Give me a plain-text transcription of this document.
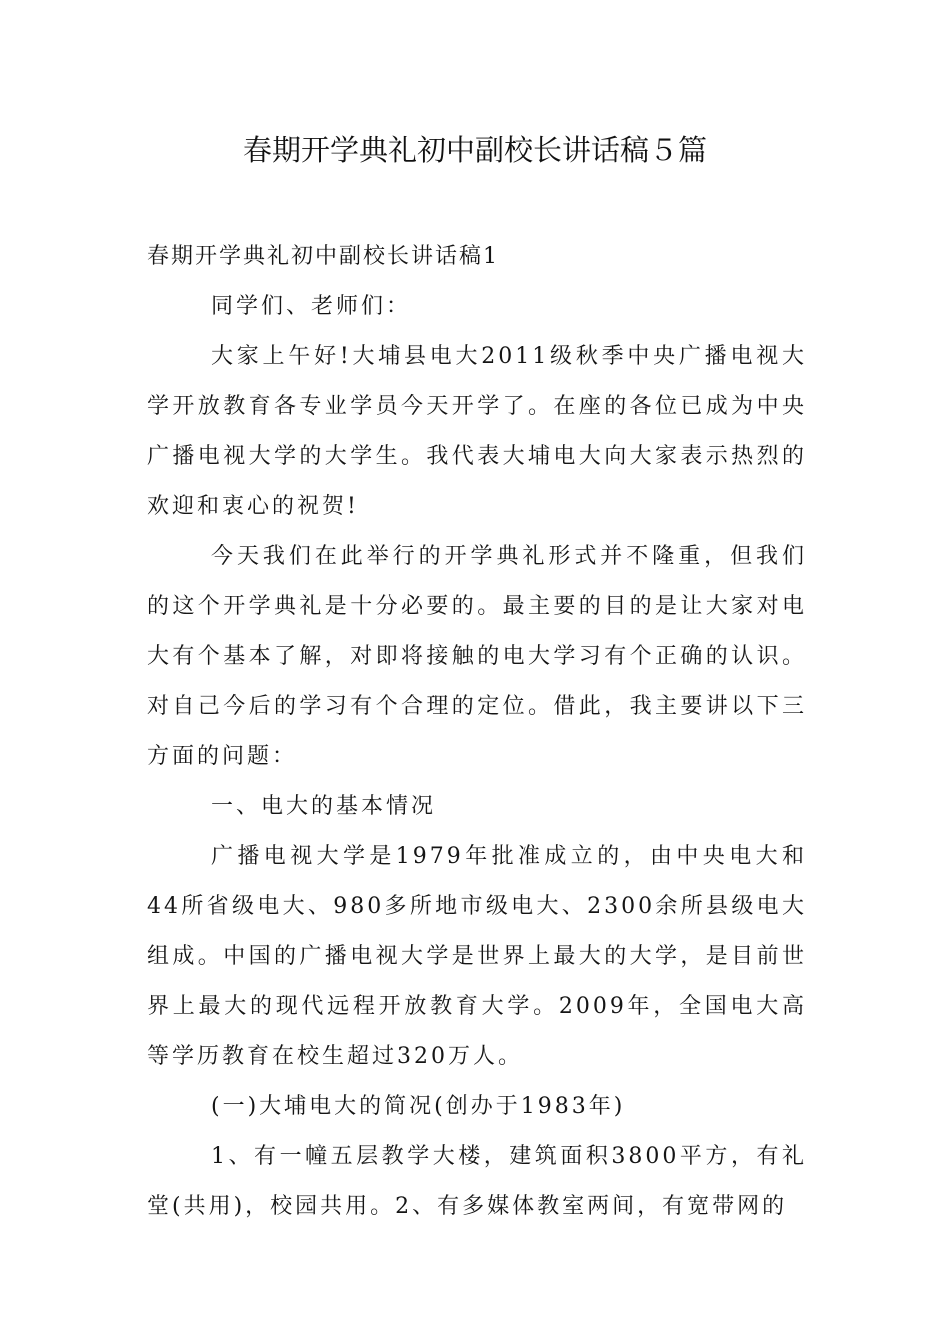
春期开学典礼初中副校长讲话稿５篇

春期开学典礼初中副校长讲话稿1

同学们、老师们：

大家上午好!大埔县电大2011级秋季中央广播电视大学开放教育各专业学员今天开学了。在座的各位已成为中央广播电视大学的大学生。我代表大埔电大向大家表示热烈的欢迎和衷心的祝贺!

今天我们在此举行的开学典礼形式并不隆重，但我们的这个开学典礼是十分必要的。最主要的目的是让大家对电大有个基本了解，对即将接触的电大学习有个正确的认识。对自己今后的学习有个合理的定位。借此，我主要讲以下三方面的问题：

一、电大的基本情况

广播电视大学是1979年批准成立的，由中央电大和44所省级电大、980多所地市级电大、2300余所县级电大组成。中国的广播电视大学是世界上最大的大学，是目前世界上最大的现代远程开放教育大学。2009年，全国电大高等学历教育在校生超过320万人。

(一)大埔电大的简况(创办于1983年)

1、有一幢五层教学大楼，建筑面积3800平方，有礼堂(共用)，校园共用。2、有多媒体教室两间，有宽带网的
